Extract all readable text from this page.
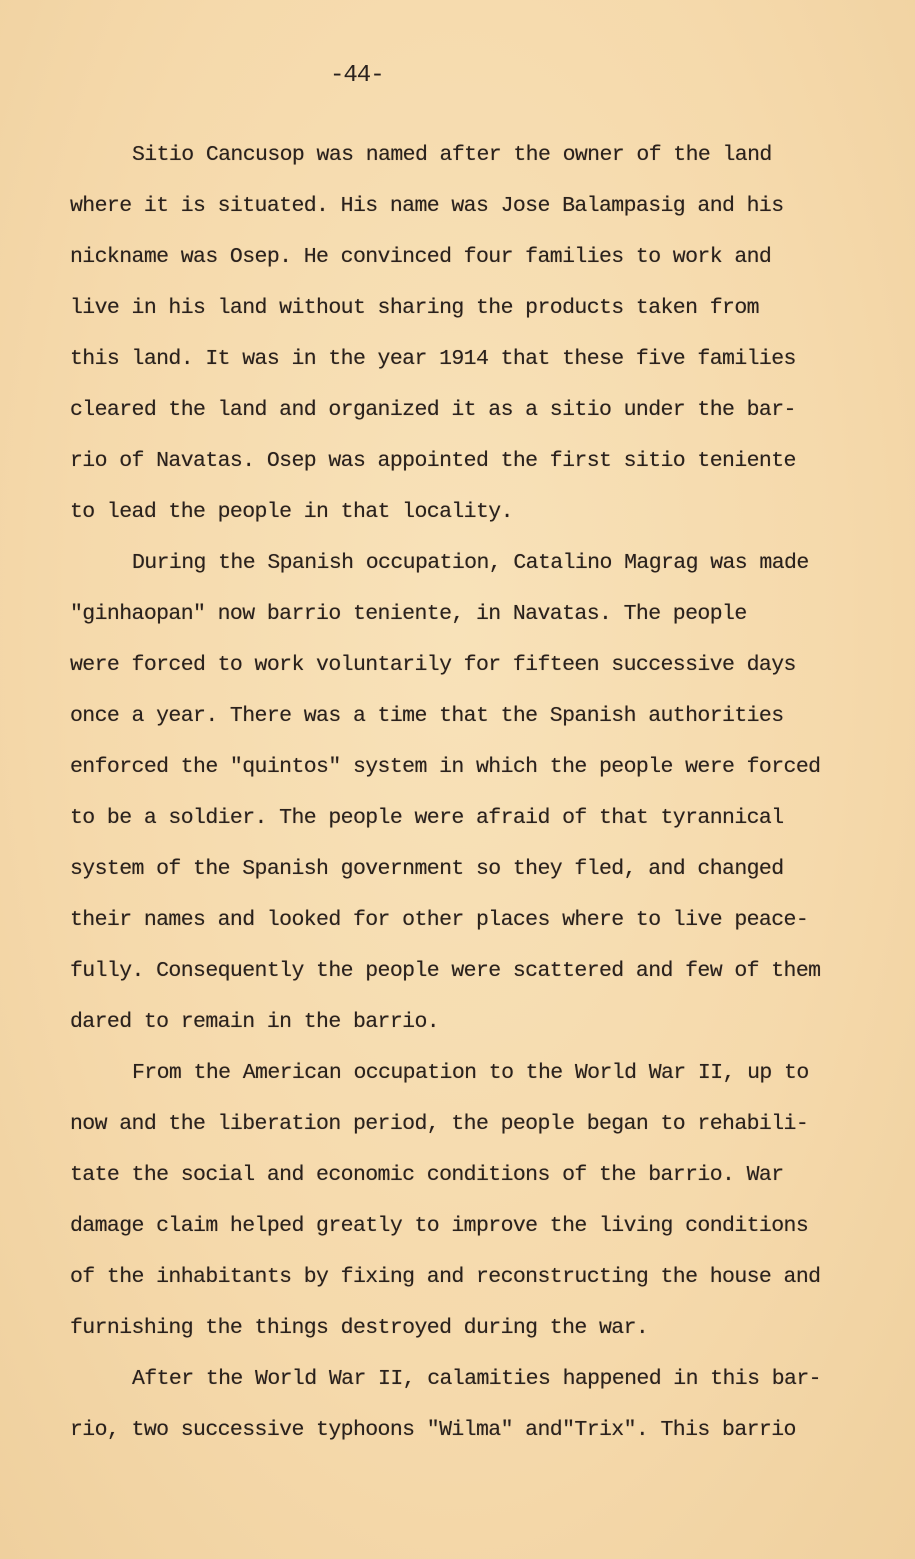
-44-
Sitio Cancusop was named after the owner of the land
where it is situated. His name was Jose Balampasig and his
nickname was Osep. He convinced four families to work and
live in his land without sharing the products taken from
this land. It was in the year 1914 that these five families
cleared the land and organized it as a sitio under the bar-
rio of Navatas. Osep was appointed the first sitio teniente
to lead the people in that locality.
During the Spanish occupation, Catalino Magrag was made
"ginhaopan" now barrio teniente, in Navatas. The people
were forced to work voluntarily for fifteen successive days
once a year. There was a time that the Spanish authorities
enforced the "quintos" system in which the people were forced
to be a soldier. The people were afraid of that tyrannical
system of the Spanish government so they fled, and changed
their names and looked for other places where to live peace-
fully. Consequently the people were scattered and few of them
dared to remain in the barrio.
From the American occupation to the World War II, up to
now and the liberation period, the people began to rehabili-
tate the social and economic conditions of the barrio. War
damage claim helped greatly to improve the living conditions
of the inhabitants by fixing and reconstructing the house and
furnishing the things destroyed during the war.
After the World War II, calamities happened in this bar-
rio, two successive typhoons "Wilma" and"Trix". This barrio
